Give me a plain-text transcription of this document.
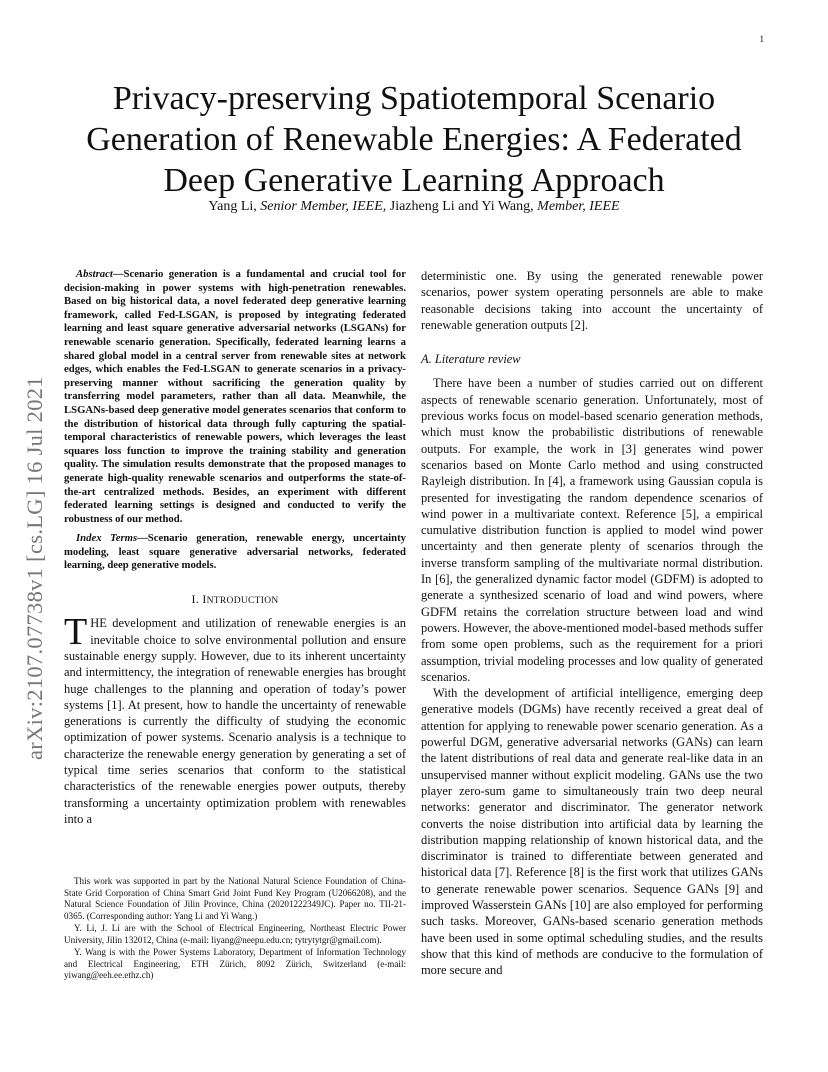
1
arXiv:2107.07738v1 [cs.LG] 16 Jul 2021
Privacy-preserving Spatiotemporal Scenario Generation of Renewable Energies: A Federated Deep Generative Learning Approach
Yang Li, Senior Member, IEEE, Jiazheng Li and Yi Wang, Member, IEEE

Abstract—Scenario generation is a fundamental and crucial tool for decision-making in power systems with high-penetration renewables. Based on big historical data, a novel federated deep generative learning framework, called Fed-LSGAN, is proposed by integrating federated learning and least square generative adversarial networks (LSGANs) for renewable scenario generation. Specifically, federated learning learns a shared global model in a central server from renewable sites at network edges, which enables the Fed-LSGAN to generate scenarios in a privacy-preserving manner without sacrificing the generation quality by transferring model parameters, rather than all data. Meanwhile, the LSGANs-based deep generative model generates scenarios that conform to the distribution of historical data through fully capturing the spatial-temporal characteristics of renewable powers, which leverages the least squares loss function to improve the training stability and generation quality. The simulation results demonstrate that the proposed manages to generate high-quality renewable scenarios and outperforms the state-of-the-art centralized methods. Besides, an experiment with different federated learning settings is designed and conducted to verify the robustness of our method.

Index Terms—Scenario generation, renewable energy, uncertainty modeling, least square generative adversarial networks, federated learning, deep generative models.

I. INTRODUCTION

THE development and utilization of renewable energies is an inevitable choice to solve environmental pollution and ensure sustainable energy supply. However, due to its inherent uncertainty and intermittency, the integration of renewable energies has brought huge challenges to the planning and operation of today’s power systems [1]. At present, how to handle the uncertainty of renewable generations is currently the difficulty of studying the economic optimization of power systems. Scenario analysis is a technique to characterize the renewable energy generation by generating a set of typical time series scenarios that conform to the statistical characteristics of the renewable energies power outputs, thereby transforming a uncertainty optimization problem with renewables into a

This work was supported in part by the National Natural Science Foundation of China-State Grid Corporation of China Smart Grid Joint Fund Key Program (U2066208), and the Natural Science Foundation of Jilin Province, China (20201222349JC). Paper no. TII-21-0365. (Corresponding author: Yang Li and Yi Wang.)

Y. Li, J. Li are with the School of Electrical Engineering, Northeast Electric Power University, Jilin 132012, China (e-mail: liyang@neepu.edu.cn; tytrytytgr@gmail.com).

Y. Wang is with the Power Systems Laboratory, Department of Information Technology and Electrical Engineering, ETH Zürich, 8092 Zürich, Switzerland (e-mail: yiwang@eeh.ee.ethz.ch)

deterministic one. By using the generated renewable power scenarios, power system operating personnels are able to make reasonable decisions taking into account the uncertainty of renewable generation outputs [2].

A. Literature review

There have been a number of studies carried out on different aspects of renewable scenario generation. Unfortunately, most of previous works focus on model-based scenario generation methods, which must know the probabilistic distributions of renewable outputs. For example, the work in [3] generates wind power scenarios based on Monte Carlo method and using constructed Rayleigh distribution. In [4], a framework using Gaussian copula is presented for investigating the random dependence scenarios of wind power in a multivariate context. Reference [5], a empirical cumulative distribution function is applied to model wind power uncertainty and then generate plenty of scenarios through the inverse transform sampling of the multivariate normal distribution. In [6], the generalized dynamic factor model (GDFM) is adopted to generate a synthesized scenario of load and wind powers, where GDFM retains the correlation structure between load and wind powers. However, the above-mentioned model-based methods suffer from some open problems, such as the requirement for a priori assumption, trivial modeling processes and low quality of generated scenarios.

With the development of artificial intelligence, emerging deep generative models (DGMs) have recently received a great deal of attention for applying to renewable power scenario generation. As a powerful DGM, generative adversarial networks (GANs) can learn the latent distributions of real data and generate real-like data in an unsupervised manner without explicit modeling. GANs use the two player zero-sum game to simultaneously train two deep neural networks: generator and discriminator. The generator network converts the noise distribution into artificial data by learning the distribution mapping relationship of known historical data, and the discriminator is trained to differentiate between generated and historical data [7]. Reference [8] is the first work that utilizes GANs to generate renewable power scenarios. Sequence GANs [9] and improved Wasserstein GANs [10] are also employed for performing such tasks. Moreover, GANs-based scenario generation methods have been used in some optimal scheduling studies, and the results show that this kind of methods are conducive to the formulation of more secure and
